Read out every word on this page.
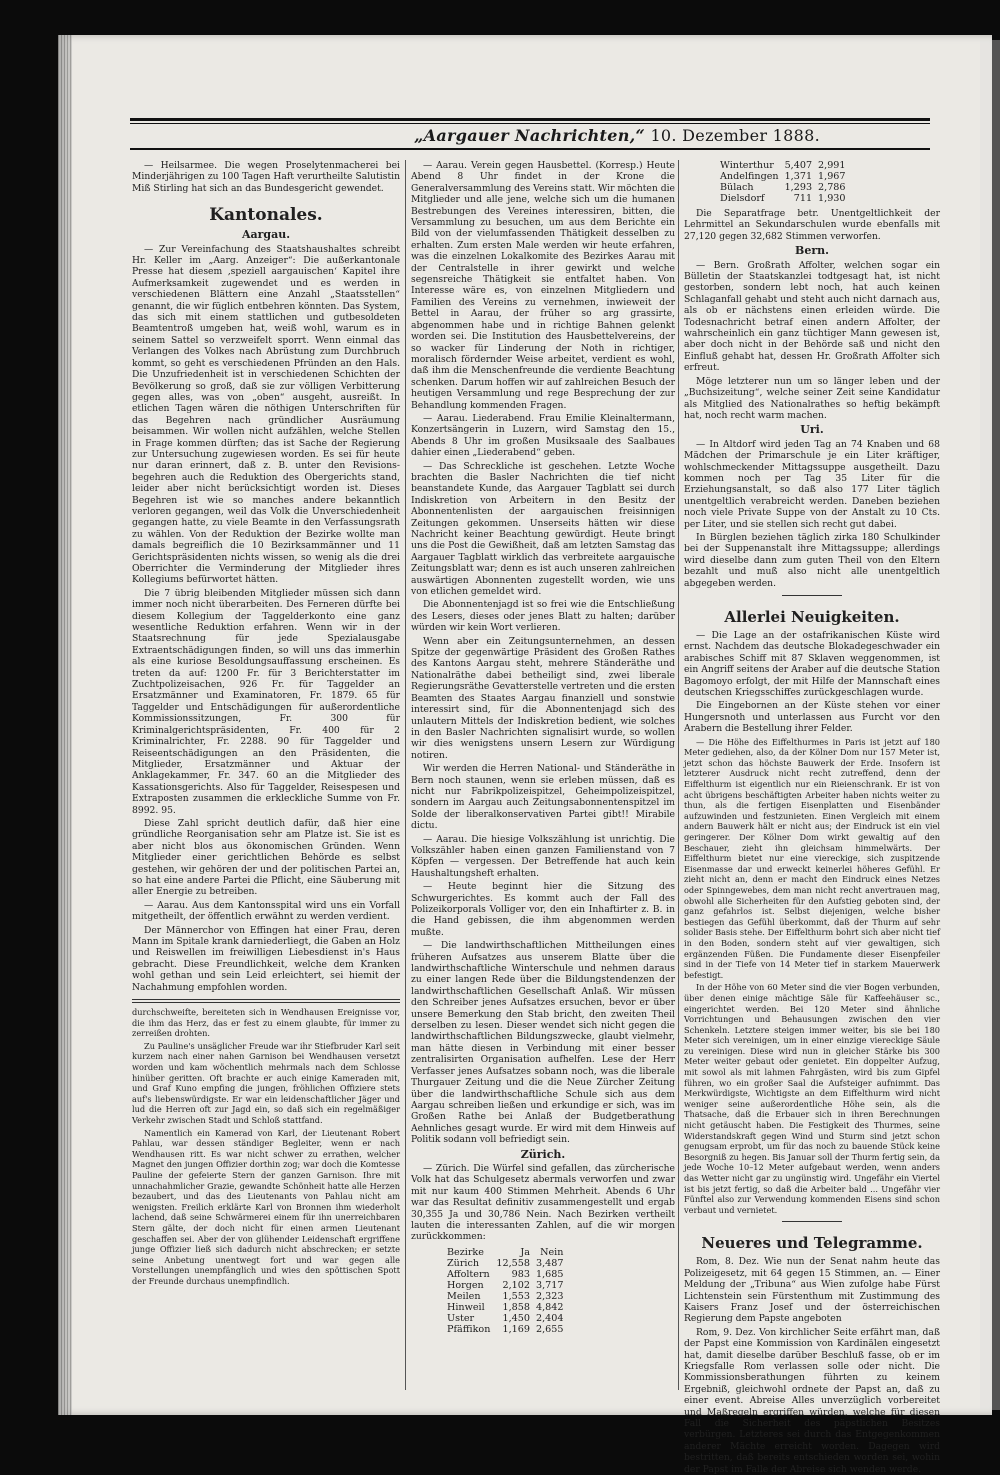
„Aargauer Nachrichten,“ 10. Dezember 1888.

— Heilsarmee. Die wegen Proselytenmacherei bei Minderjährigen zu 100 Tagen Haft verurtheilte Salutistin Miß Stirling hat sich an das Bundesgericht gewendet.

Kantonales.
Aargau.

— Zur Vereinfachung des Staatshaushaltes schreibt Hr. Keller im „Aarg. Anzeiger“: Die außerkantonale Presse hat diesem ‚speziell aargauischen‘ Kapitel ihre Aufmerksamkeit zugewendet und es werden in verschiedenen Blättern eine Anzahl „Staatsstellen“ genannt, die wir füglich entbehren könnten. Das System, das sich mit einem stattlichen und gutbesoldeten Beamtentroß umgeben hat, weiß wohl, warum es in seinem Sattel so verzweifelt sporrt. Wenn einmal das Verlangen des Volkes nach Abrüstung zum Durchbruch kommt, so geht es verschiedenen Pfründen an den Hals. Die Unzufriedenheit ist in verschiedenen Schichten der Bevölkerung so groß, daß sie zur völligen Verbitterung gegen alles, was von „oben“ ausgeht, ausreißt. In etlichen Tagen wären die nöthigen Unterschriften für das Begehren nach gründlicher Ausräumung beisammen. Wir wollen nicht aufzählen, welche Stellen in Frage kommen dürften; das ist Sache der Regierung zur Untersuchung zugewiesen worden. Es sei für heute nur daran erinnert, daß z. B. unter den Revisions-begehren auch die Reduktion des Obergerichts stand, leider aber nicht berücksichtigt worden ist. Dieses Begehren ist wie so manches andere bekanntlich verloren gegangen, weil das Volk die Unverschiedenheit gegangen hatte, zu viele Beamte in den Verfassungsrath zu wählen. Von der Reduktion der Bezirke wollte man damals begreiflich die 10 Bezirksammänner und 11 Gerichtspräsidenten nichts wissen, so wenig als die drei Oberrichter die Verminderung der Mitglieder ihres Kollegiums befürwortet hätten.

Die 7 übrig bleibenden Mitglieder müssen sich dann immer noch nicht überarbeiten. Des Ferneren dürfte bei diesem Kollegium der Taggelderkonto eine ganz wesentliche Reduktion erfahren. Wenn wir in der Staatsrechnung für jede Spezialausgabe Extraentschädigungen finden, so will uns das immerhin als eine kuriose Besoldungsauffassung erscheinen. Es treten da auf: 1200 Fr. für 3 Berichterstatter im Zuchtpolizeisachen, 926 Fr. für Taggelder an Ersatzmänner und Examinatoren, Fr. 1879. 65 für Taggelder und Entschädigungen für außerordentliche Kommissionssitzungen, Fr. 300 für Kriminalgerichtspräsidenten, Fr. 400 für 2 Kriminalrichter, Fr. 2288. 90 für Taggelder und Reiseentschädigungen an den Präsidenten, die Mitglieder, Ersatzmänner und Aktuar der Anklagekammer, Fr. 347. 60 an die Mitglieder des Kassationsgerichts. Also für Taggelder, Reisespesen und Extraposten zusammen die erkleckliche Summe von Fr. 8992. 95.

Diese Zahl spricht deutlich dafür, daß hier eine gründliche Reorganisation sehr am Platze ist. Sie ist es aber nicht blos aus ökonomischen Gründen. Wenn Mitglieder einer gerichtlichen Behörde es selbst gestehen, wir gehören der und der politischen Partei an, so hat eine andere Partei die Pflicht, eine Säuberung mit aller Energie zu betreiben.

— Aarau. Aus dem Kantonsspital wird uns ein Vorfall mitgetheilt, der öffentlich erwähnt zu werden verdient.

Der Männerchor von Effingen hat einer Frau, deren Mann im Spitale krank darniederliegt, die Gaben an Holz und Reiswellen im freiwilligen Liebesdienst in's Haus gebracht. Diese Freundlichkeit, welche dem Kranken wohl gethan und sein Leid erleichtert, sei hiemit der Nachahmung empfohlen worden.

durchschweifte, bereiteten sich in Wendhausen Ereignisse vor, die ihm das Herz, das er fest zu einem glaubte, für immer zu zerreißen drohten.

Zu Pauline's unsäglicher Freude war ihr Stiefbruder Karl seit kurzem nach einer nahen Garnison bei Wendhausen versetzt worden und kam wöchentlich mehrmals nach dem Schlosse hinüber geritten. Oft brachte er auch einige Kameraden mit, und Graf Kuno empfing die jungen, fröhlichen Offiziere stets auf's liebenswürdigste. Er war ein leidenschaftlicher Jäger und lud die Herren oft zur Jagd ein, so daß sich ein regelmäßiger Verkehr zwischen Stadt und Schloß stattfand.

Namentlich ein Kamerad von Karl, der Lieutenant Robert Pahlau, war dessen ständiger Begleiter, wenn er nach Wendhausen ritt. Es war nicht schwer zu errathen, welcher Magnet den jungen Offizier dorthin zog; war doch die Komtesse Pauline der gefeierte Stern der ganzen Garnison. Ihre mit unnachahmlicher Grazie, gewandte Schönheit hatte alle Herzen bezaubert, und das des Lieutenants von Pahlau nicht am wenigsten. Freilich erklärte Karl von Bronnen ihm wiederholt lachend, daß seine Schwärmerei einem für ihn unerreichbaren Stern gälte, der doch nicht für einen armen Lieutenant geschaffen sei. Aber der von glühender Leidenschaft ergriffene junge Offizier ließ sich dadurch nicht abschrecken; er setzte seine Anbetung unentwegt fort und war gegen alle Vorstellungen unempfänglich und wies den spöttischen Spott der Freunde durchaus unempfindlich.

— Aarau. Verein gegen Hausbettel. (Korresp.) Heute Abend 8 Uhr findet in der Krone die Generalversammlung des Vereins statt. Wir möchten die Mitglieder und alle jene, welche sich um die humanen Bestrebungen des Vereines interessiren, bitten, die Versammlung zu besuchen, um aus dem Berichte ein Bild von der vielumfassenden Thätigkeit desselben zu erhalten. Zum ersten Male werden wir heute erfahren, was die einzelnen Lokalkomite des Bezirkes Aarau mit der Centralstelle in ihrer gewirkt und welche segensreiche Thätigkeit sie entfaltet haben. Von Interesse wäre es, von einzelnen Mitgliedern und Familien des Vereins zu vernehmen, inwieweit der Bettel in Aarau, der früher so arg grassirte, abgenommen habe und in richtige Bahnen gelenkt worden sei. Die Institution des Hausbettelvereins, der so wacker für Linderung der Noth in richtiger, moralisch fördernder Weise arbeitet, verdient es wohl, daß ihm die Menschenfreunde die verdiente Beachtung schenken. Darum hoffen wir auf zahlreichen Besuch der heutigen Versammlung und rege Besprechung der zur Behandlung kommenden Fragen.

— Aarau. Liederabend. Frau Emilie Kleinaltermann, Konzertsängerin in Luzern, wird Samstag den 15., Abends 8 Uhr im großen Musiksaale des Saalbaues dahier einen „Liederabend“ geben.

— Das Schreckliche ist geschehen. Letzte Woche brachten die Basler Nachrichten die tief nicht beanstandete Kunde, das Aargauer Tagblatt sei durch Indiskretion von Arbeitern in den Besitz der Abonnentenlisten der aargauischen freisinnigen Zeitungen gekommen. Unserseits hätten wir diese Nachricht keiner Beachtung gewürdigt. Heute bringt uns die Post die Gewißheit, daß am letzten Samstag das Aargauer Tagblatt wirklich das verbreitete aargauische Zeitungsblatt war; denn es ist auch unseren zahlreichen auswärtigen Abonnenten zugestellt worden, wie uns von etlichen gemeldet wird.

Die Abonnentenjagd ist so frei wie die Entschließung des Lesers, dieses oder jenes Blatt zu halten; darüber würden wir kein Wort verlieren.

Wenn aber ein Zeitungsunternehmen, an dessen Spitze der gegenwärtige Präsident des Großen Rathes des Kantons Aargau steht, mehrere Ständeräthe und Nationalräthe dabei betheiligt sind, zwei liberale Regierungsräthe Gevatterstelle vertreten und die ersten Beamten des Staates Aargau finanziell und sonstwie interessirt sind, für die Abonnentenjagd sich des unlautern Mittels der Indiskretion bedient, wie solches in den Basler Nachrichten signalisirt wurde, so wollen wir dies wenigstens unsern Lesern zur Würdigung notiren.

Wir werden die Herren National- und Ständeräthe in Bern noch staunen, wenn sie erleben müssen, daß es nicht nur Fabrikpolizeispitzel, Geheimpolizeispitzel, sondern im Aargau auch Zeitungsabonnentenspitzel im Solde der liberalkonservativen Partei gibt!! Mirabile dictu.

— Aarau. Die hiesige Volkszählung ist unrichtig. Die Volkszähler haben einen ganzen Familienstand von 7 Köpfen — vergessen. Der Betreffende hat auch kein Haushaltungsheft erhalten.

— Heute beginnt hier die Sitzung des Schwurgerichtes. Es kommt auch der Fall des Polizeikorporals Volliger vor, den ein Inhaftirter z. B. in die Hand gebissen, die ihm abgenommen werden mußte.

— Die landwirthschaftlichen Mittheilungen eines früheren Aufsatzes aus unserem Blatte über die landwirthschaftliche Winterschule und nehmen daraus zu einer langen Rede über die Bildungstendenzen der landwirthschaftlichen Gesellschaft Anlaß. Wir müssen den Schreiber jenes Aufsatzes ersuchen, bevor er über unsere Bemerkung den Stab bricht, den zweiten Theil derselben zu lesen. Dieser wendet sich nicht gegen die landwirthschaftlichen Bildungszwecke, glaubt vielmehr, man hätte diesen in Verbindung mit einer besser zentralisirten Organisation aufhelfen. Lese der Herr Verfasser jenes Aufsatzes sobann noch, was die liberale Thurgauer Zeitung und die die Neue Zürcher Zeitung über die landwirthschaftliche Schule sich aus dem Aargau schreiben ließen und erkundige er sich, was im Großen Rathe bei Anlaß der Budgetberathung Aehnliches gesagt wurde. Er wird mit dem Hinweis auf Politik sodann voll befriedigt sein.

Zürich.

— Zürich. Die Würfel sind gefallen, das zürcherische Volk hat das Schulgesetz abermals verworfen und zwar mit nur kaum 400 Stimmen Mehrheit. Abends 6 Uhr war das Resultat definitiv zusammengestellt und ergab 30,355 Ja und 30,786 Nein. Nach Bezirken vertheilt lauten die interessanten Zahlen, auf die wir morgen zurückkommen:

Bezirke	Ja	Nein
Zürich	12,558	3,487
Affoltern	983	1,685
Horgen	2,102	3,717
Meilen	1,553	2,323
Hinweil	1,858	4,842
Uster	1,450	2,404
Pfäffikon	1,169	2,655
Winterthur	5,407	2,991
Andelfingen	1,371	1,967
Bülach	1,293	2,786
Dielsdorf	711	1,930

Die Separatfrage betr. Unentgeltlichkeit der Lehrmittel an Sekundarschulen wurde ebenfalls mit 27,120 gegen 32,682 Stimmen verworfen.

Bern.

— Bern. Großrath Affolter, welchen sogar ein Bülletin der Staatskanzlei todtgesagt hat, ist nicht gestorben, sondern lebt noch, hat auch keinen Schlaganfall gehabt und steht auch nicht darnach aus, als ob er nächstens einen erleiden würde. Die Todesnachricht betraf einen andern Affolter, der wahrscheinlich ein ganz tüchtiger Mann gewesen ist, aber doch nicht in der Behörde saß und nicht den Einfluß gehabt hat, dessen Hr. Großrath Affolter sich erfreut.

Möge letzterer nun um so länger leben und der „Buchsizeitung“, welche seiner Zeit seine Kandidatur als Mitglied des Nationalrathes so heftig bekämpft hat, noch recht warm machen.

Uri.

— In Altdorf wird jeden Tag an 74 Knaben und 68 Mädchen der Primarschule je ein Liter kräftiger, wohlschmeckender Mittagssuppe ausgetheilt. Dazu kommen noch per Tag 35 Liter für die Erziehungsanstalt, so daß also 177 Liter täglich unentgeltlich verabreicht werden. Daneben beziehen noch viele Private Suppe von der Anstalt zu 10 Cts. per Liter, und sie stellen sich recht gut dabei.

In Bürglen beziehen täglich zirka 180 Schulkinder bei der Suppenanstalt ihre Mittagssuppe; allerdings wird dieselbe dann zum guten Theil von den Eltern bezahlt und muß also nicht alle unentgeltlich abgegeben werden.

Allerlei Neuigkeiten.

— Die Lage an der ostafrikanischen Küste wird ernst. Nachdem das deutsche Blokadegeschwader ein arabisches Schiff mit 87 Sklaven weggenommen, ist ein Angriff seitens der Araber auf die deutsche Station Bagomoyo erfolgt, der mit Hilfe der Mannschaft eines deutschen Kriegsschiffes zurückgeschlagen wurde.

Die Eingebornen an der Küste stehen vor einer Hungersnoth und unterlassen aus Furcht vor den Arabern die Bestellung ihrer Felder.

— Die Höhe des Eiffelthurmes in Paris ist jetzt auf 180 Meter gediehen, also, da der Kölner Dom nur 157 Meter ist, jetzt schon das höchste Bauwerk der Erde. Insofern ist letzterer Ausdruck nicht recht zutreffend, denn der Eiffelthurm ist eigentlich nur ein Rieienschrank. Er ist von acht übrigens beschäftigten Arbeiter haben nichts weiter zu thun, als die fertigen Eisenplatten und Eisenbänder aufzuwinden und festzunieten. Einen Vergleich mit einem andern Bauwerk hält er nicht aus; der Eindruck ist ein viel geringerer. Der Kölner Dom wirkt gewaltig auf den Beschauer, zieht ihn gleichsam himmelwärts. Der Eiffelthurm bietet nur eine viereckige, sich zuspitzende Eisenmasse dar und erweckt keinerlei höheres Gefühl. Er zieht nicht an, denn er macht den Eindruck eines Netzes oder Spinngewebes, dem man nicht recht anvertrauen mag, obwohl alle Sicherheiten für den Aufstieg geboten sind, der ganz gefahrlos ist. Selbst diejenigen, welche bisher bestiegen das Gefühl überkommt, daß der Thurm auf sehr solider Basis stehe. Der Eiffelthurm bohrt sich aber nicht tief in den Boden, sondern steht auf vier gewaltigen, sich ergänzenden Füßen. Die Fundamente dieser Eisenpfeiler sind in der Tiefe von 14 Meter tief in starkem Mauerwerk befestigt.

In der Höhe von 60 Meter sind die vier Bogen verbunden, über denen einige mächtige Säle für Kaffeehäuser sc., eingerichtet werden. Bei 120 Meter sind ähnliche Vorrichtungen und Behausungen zwischen den vier Schenkeln. Letztere steigen immer weiter, bis sie bei 180 Meter sich vereinigen, um in einer einzige viereckige Säule zu vereinigen. Diese wird nun in gleicher Stärke bis 300 Meter weiter gebaut oder genietet. Ein doppelter Aufzug, mit sowol als mit lahmen Fahrgästen, wird bis zum Gipfel führen, wo ein großer Saal die Aufsteiger aufnimmt. Das Merkwürdigste, Wichtigste an dem Eiffelthurm wird nicht weniger seine außerordentliche Höhe sein, als die Thatsache, daß die Erbauer sich in ihren Berechnungen nicht getäuscht haben. Die Festigkeit des Thurmes, seine Widerstandskraft gegen Wind und Sturm sind jetzt schon genugsam erprobt, um für das noch zu bauende Stück keine Besorgniß zu hegen. Bis Januar soll der Thurm fertig sein, da jede Woche 10–12 Meter aufgebaut werden, wenn anders das Wetter nicht gar zu ungünstig wird. Ungefähr ein Viertel ist bis jetzt fertig, so daß die Arbeiter bald ... Ungefähr vier Fünftel also zur Verwendung kommenden Eisens sind schon verbaut und vernietet.

Neueres und Telegramme.

Rom, 8. Dez. Wie nun der Senat nahm heute das Polizeigesetz, mit 64 gegen 15 Stimmen, an. — Einer Meldung der „Tribuna“ aus Wien zufolge habe Fürst Lichtenstein sein Fürstenthum mit Zustimmung des Kaisers Franz Josef und der österreichischen Regierung dem Papste angeboten

Rom, 9. Dez. Von kirchlicher Seite erfährt man, daß der Papst eine Kommission von Kardinälen eingesetzt hat, damit dieselbe darüber Beschluß fasse, ob er im Kriegsfalle Rom verlassen solle oder nicht. Die Kommissionsberathungen führten zu keinem Ergebniß, gleichwohl ordnete der Papst an, daß zu einer event. Abreise Alles unverzüglich vorbereitet und Maßregeln ergriffen würden, welche für diesen Fall die Sicherheit des päpstlichen Besitzes verbürgen. Letzteres sei durch das Entgegenkommen anderer Mächte erreicht worden. Dagegen wird bestritten, daß bereits entschieden worden sei, wohin der Papst im Falle der Abreise sich wenden werde.
